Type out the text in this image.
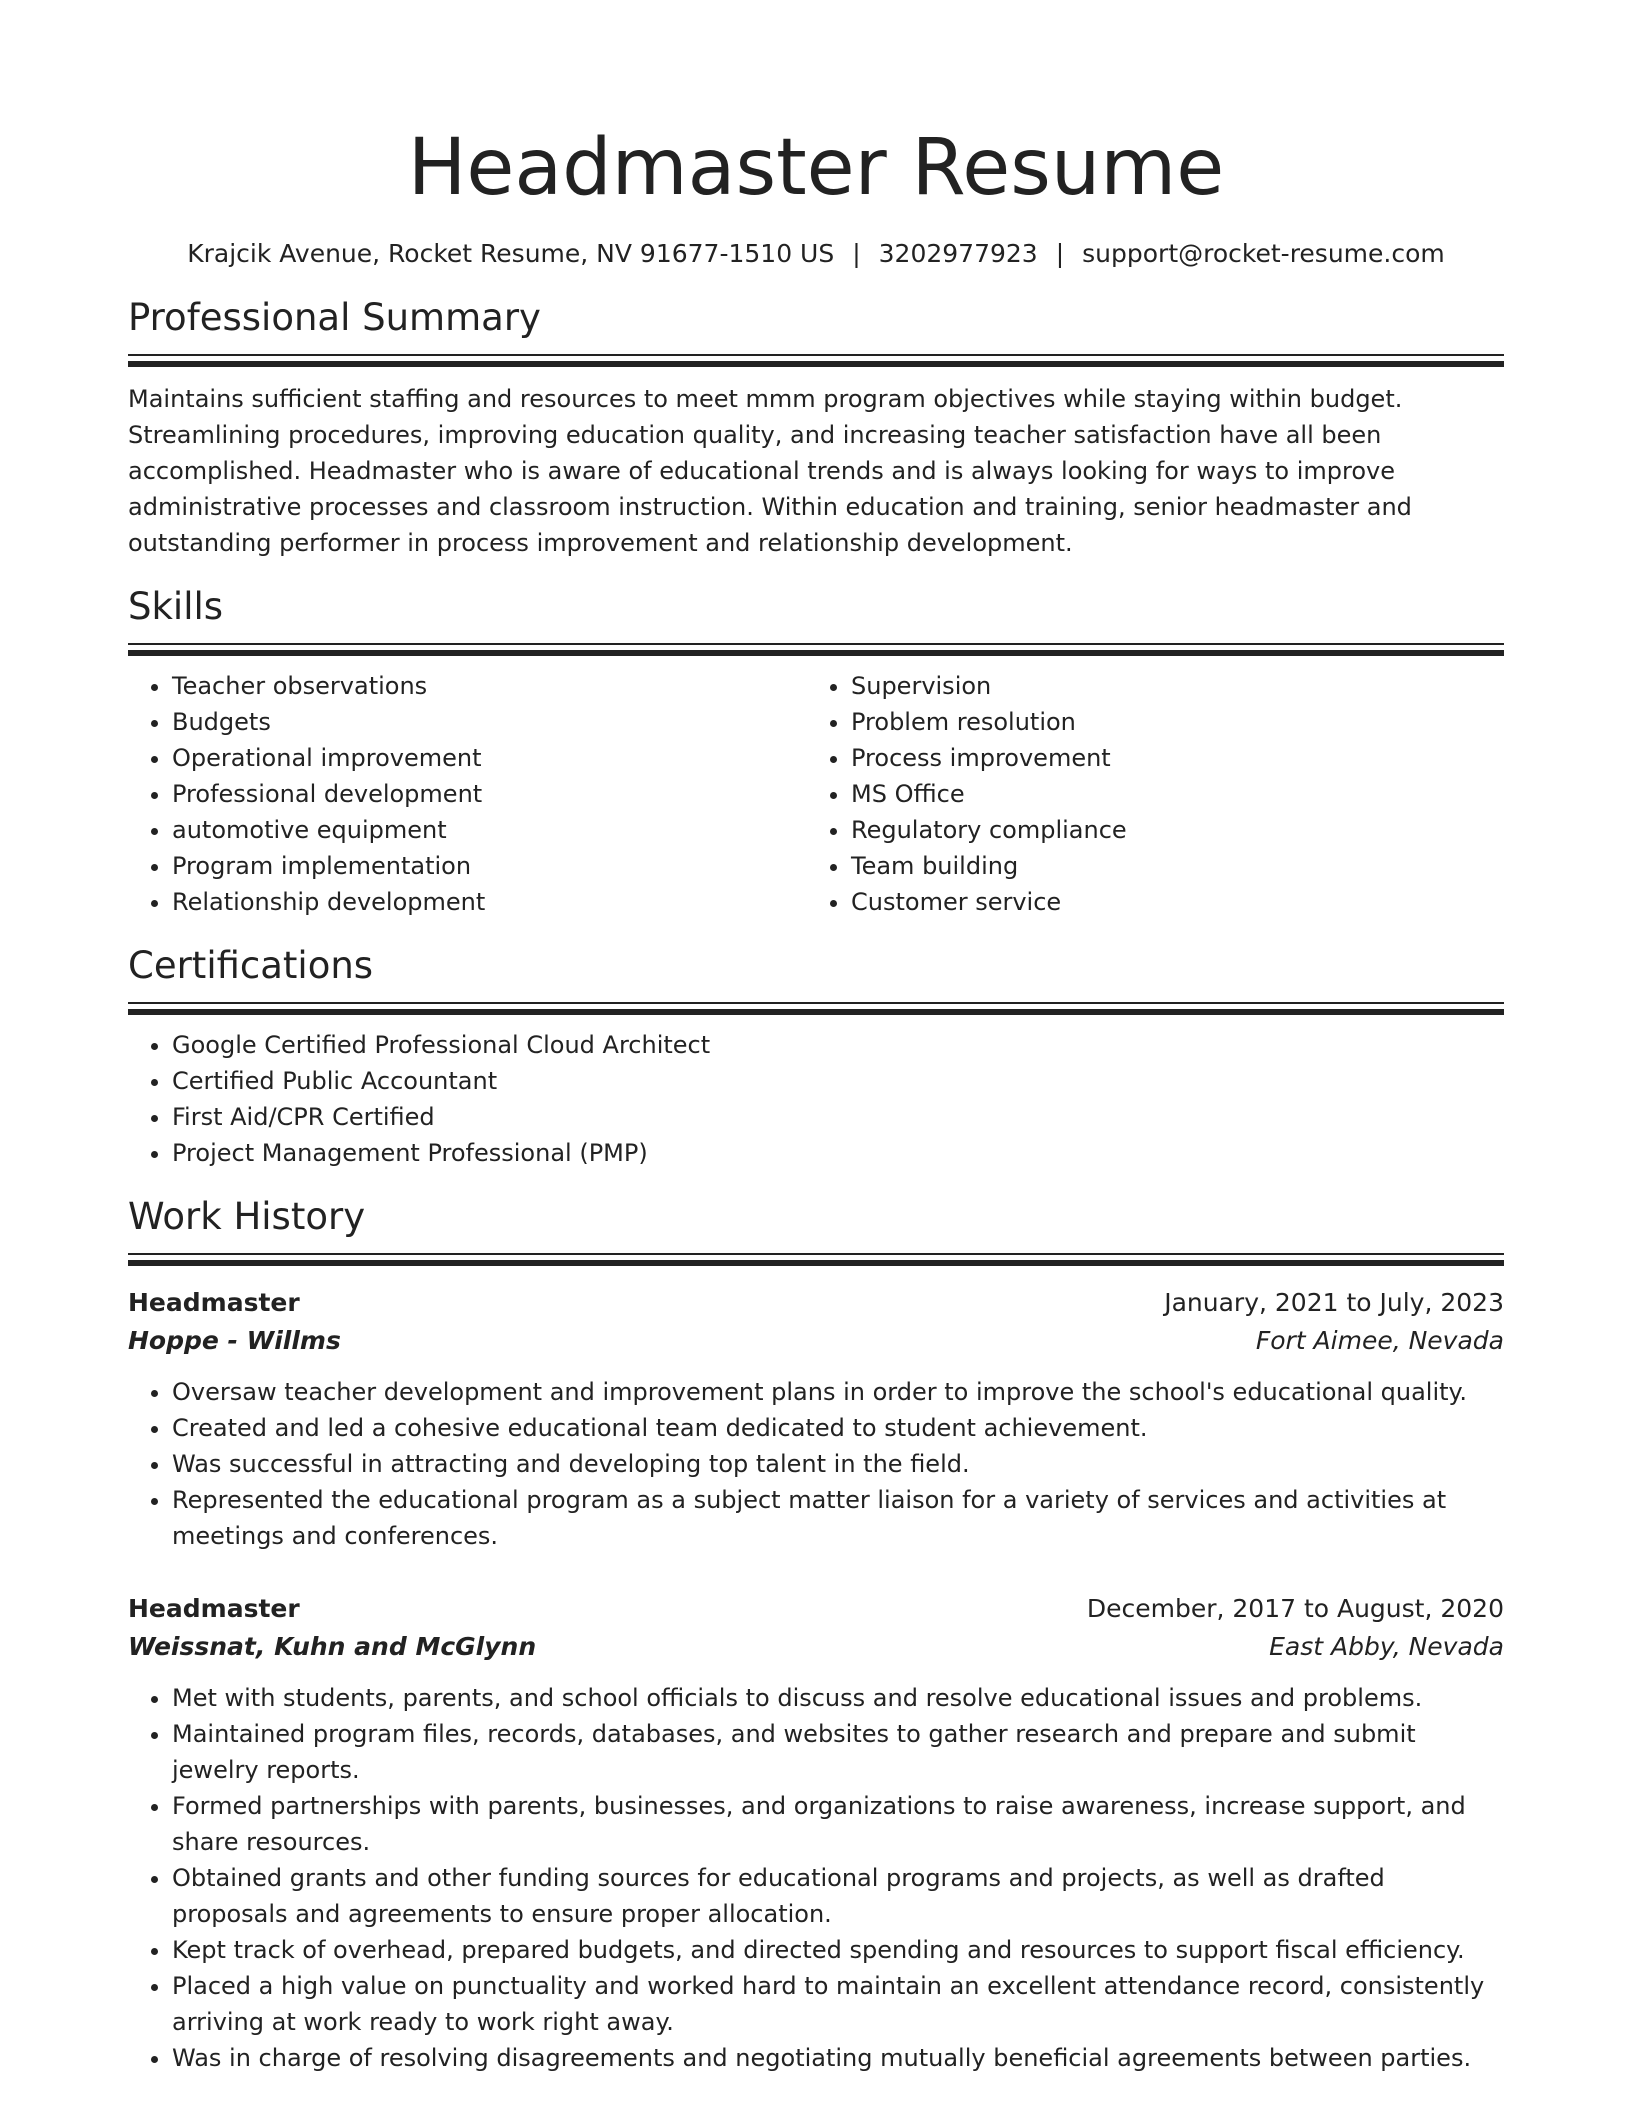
Headmaster Resume
Krajcik Avenue, Rocket Resume, NV 91677-1510 US | 3202977923 | support@rocket-resume.com
Professional Summary

Maintains sufficient staffing and resources to meet mmm program objectives while staying within budget. Streamlining procedures, improving education quality, and increasing teacher satisfaction have all been accomplished. Headmaster who is aware of educational trends and is always looking for ways to improve administrative processes and classroom instruction. Within education and training, senior headmaster and outstanding performer in process improvement and relationship development.

Skills
• Teacher observations
• Budgets
• Operational improvement
• Professional development
• automotive equipment
• Program implementation
• Relationship development
• Supervision
• Problem resolution
• Process improvement
• MS Office
• Regulatory compliance
• Team building
• Customer service
Certifications
• Google Certified Professional Cloud Architect
• Certified Public Accountant
• First Aid/CPR Certified
• Project Management Professional (PMP)
Work History
Headmaster	January, 2021 to July, 2023
Hoppe - Willms	Fort Aimee, Nevada
• Oversaw teacher development and improvement plans in order to improve the school's educational quality.
• Created and led a cohesive educational team dedicated to student achievement.
• Was successful in attracting and developing top talent in the field.
• Represented the educational program as a subject matter liaison for a variety of services and activities at meetings and conferences.
Headmaster	December, 2017 to August, 2020
Weissnat, Kuhn and McGlynn	East Abby, Nevada
• Met with students, parents, and school officials to discuss and resolve educational issues and problems.
• Maintained program files, records, databases, and websites to gather research and prepare and submit jewelry reports.
• Formed partnerships with parents, businesses, and organizations to raise awareness, increase support, and share resources.
• Obtained grants and other funding sources for educational programs and projects, as well as drafted proposals and agreements to ensure proper allocation.
• Kept track of overhead, prepared budgets, and directed spending and resources to support fiscal efficiency.
• Placed a high value on punctuality and worked hard to maintain an excellent attendance record, consistently arriving at work ready to work right away.
• Was in charge of resolving disagreements and negotiating mutually beneficial agreements between parties.
